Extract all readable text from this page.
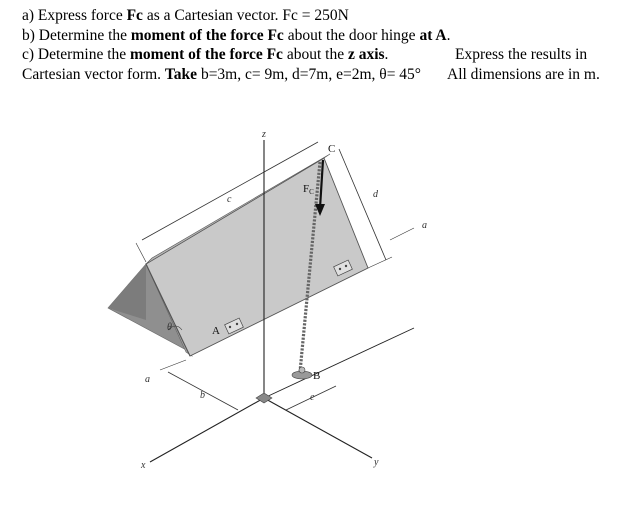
a) Express force Fc as a Cartesian vector. Fc = 250N
b) Determine the moment of the force Fc about the door hinge at A.
c) Determine the moment of the force Fc about the z axis.	Express the results in
Cartesian vector form. Take b=3m, c= 9m, d=7m, e=2m, θ= 45° All dimensions are in m.
z
x	y
A
B
FC
C
c	d
a
θ
a
b	e
